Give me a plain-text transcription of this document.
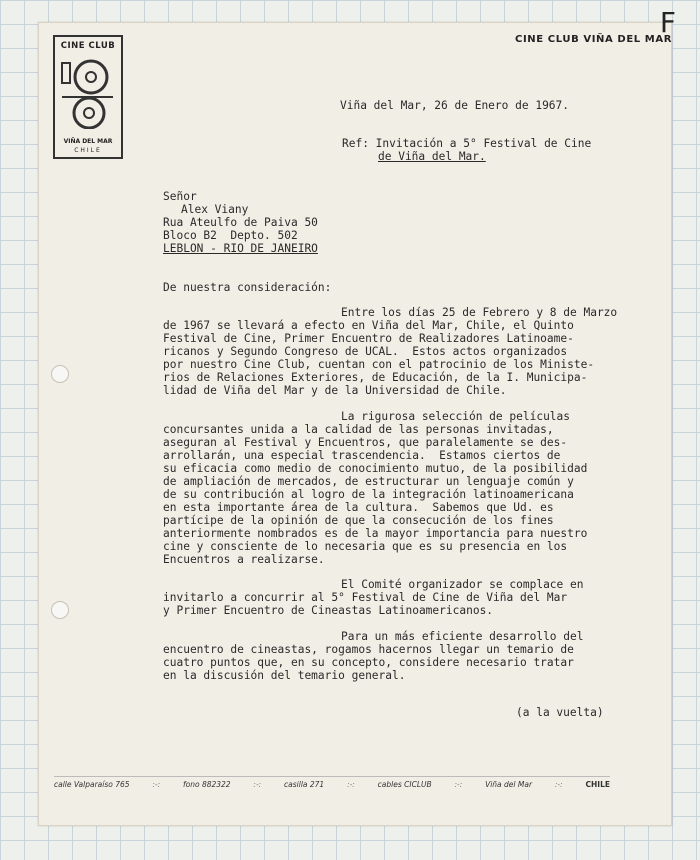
F
CINE CLUB
VIÑA DEL MAR
CHILE
CINE CLUB VIÑA DEL MAR
Viña del Mar, 26 de Enero de 1967.
Ref: Invitación a 5° Festival de Cine
de Viña del Mar.
Señor
Alex Viany
Rua Ateulfo de Paiva 50
Bloco B2  Depto. 502
LEBLON - RIO DE JANEIRO
De nuestra consideración:
Entre los días 25 de Febrero y 8 de Marzo
de 1967 se llevará a efecto en Viña del Mar, Chile, el Quinto
Festival de Cine, Primer Encuentro de Realizadores Latinoame-
ricanos y Segundo Congreso de UCAL.  Estos actos organizados
por nuestro Cine Club, cuentan con el patrocinio de los Ministe-
rios de Relaciones Exteriores, de Educación, de la I. Municipa-
lidad de Viña del Mar y de la Universidad de Chile.
La rigurosa selección de películas
concursantes unida a la calidad de las personas invitadas,
aseguran al Festival y Encuentros, que paralelamente se des-
arrollarán, una especial trascendencia.  Estamos ciertos de
su eficacia como medio de conocimiento mutuo, de la posibilidad
de ampliación de mercados, de estructurar un lenguaje común y
de su contribución al logro de la integración latinoamericana
en esta importante área de la cultura.  Sabemos que Ud. es
partícipe de la opinión de que la consecución de los fines
anteriormente nombrados es de la mayor importancia para nuestro
cine y consciente de lo necesaria que es su presencia en los
Encuentros a realizarse.
El Comité organizador se complace en
invitarlo a concurrir al 5° Festival de Cine de Viña del Mar
y Primer Encuentro de Cineastas Latinoamericanos.
Para un más eficiente desarrollo del
encuentro de cineastas, rogamos hacernos llegar un temario de
cuatro puntos que, en su concepto, considere necesario tratar
en la discusión del temario general.
(a la vuelta)
calle Valparaíso 765	:-:	fono 882322	:-:	casilla 271	:-:	cables CICLUB	:-:	Viña del Mar	:-:	CHILE
